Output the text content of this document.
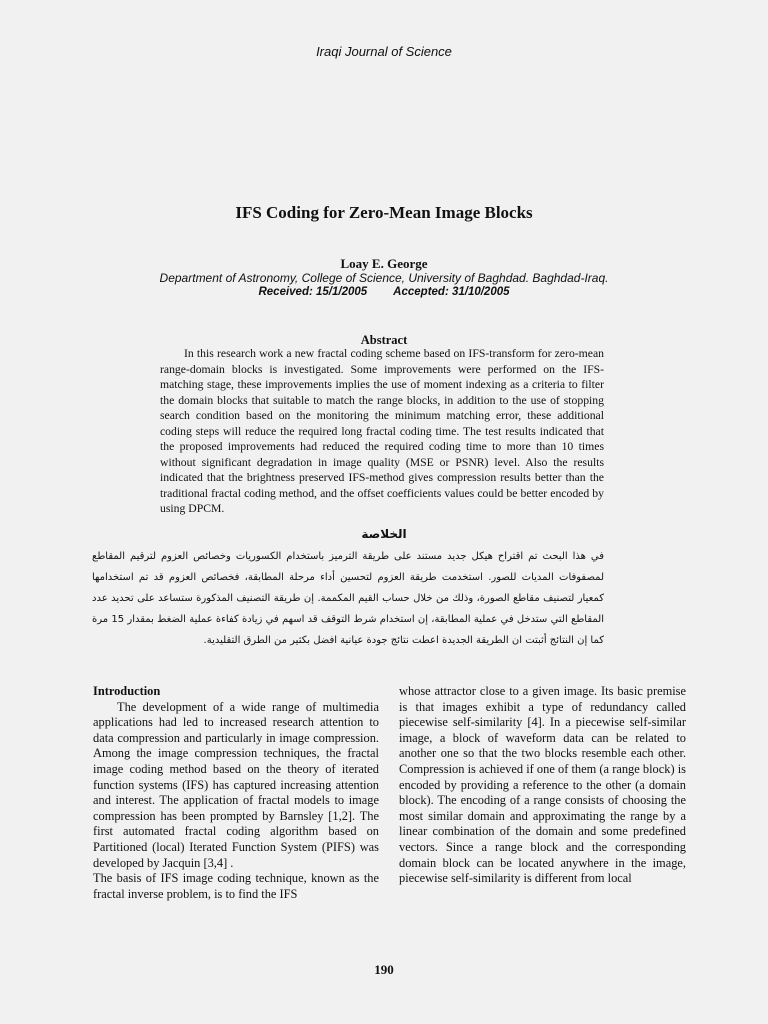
Iraqi Journal of Science
IFS Coding for Zero-Mean Image Blocks
Loay E. George
Department of Astronomy, College of Science, University of Baghdad. Baghdad-Iraq.
Received: 15/1/2005 Accepted: 31/10/2005
Abstract

In this research work a new fractal coding scheme based on IFS-transform for zero-mean range-domain blocks is investigated. Some improvements were performed on the IFS-matching stage, these improvements implies the use of moment indexing as a criteria to filter the domain blocks that suitable to match the range blocks, in addition to the use of stopping search condition based on the monitoring the minimum matching error, these additional coding steps will reduce the required long fractal coding time. The test results indicated that the proposed improvements had reduced the required coding time to more than 10 times without significant degradation in image quality (MSE or PSNR) level. Also the results indicated that the brightness preserved IFS-method gives compression results better than the traditional fractal coding method, and the offset coefficients values could be better encoded by using DPCM.

الخلاصة

في هذا البحث تم اقتراح هيكل جديد مستند على طريقة الترميز باستخدام الكسوريات وخصائص العزوم لترقيم المقاطع لمصفوفات المديات للصور. استخدمت طريقة العزوم لتحسين أداء مرحلة المطابقة، فخصائص العزوم قد تم استخدامها كمعيار لتصنيف مقاطع الصورة، وذلك من خلال حساب القيم المكممة. إن طريقة التصنيف المذكورة ستساعد على تحديد عدد المقاطع التي ستدخل في عملية المطابقة، إن استخدام شرط التوقف قد اسهم في زيادة كفاءة عملية الضغط بمقدار 15 مرة كما إن النتائج أثبتت ان الطريقة الجديدة اعطت نتائج جودة عيانية افضل بكثير من الطرق التقليدية.

Introduction

The development of a wide range of multimedia applications had led to increased research attention to data compression and particularly in image compression. Among the image compression techniques, the fractal image coding method based on the theory of iterated function systems (IFS) has captured increasing attention and interest. The application of fractal models to image compression has been prompted by Barnsley [1,2]. The first automated fractal coding algorithm based on Partitioned (local) Iterated Function System (PIFS) was developed by Jacquin [3,4] .

The basis of IFS image coding technique, known as the fractal inverse problem, is to find the IFS

whose attractor close to a given image. Its basic premise is that images exhibit a type of redundancy called piecewise self-similarity [4]. In a piecewise self-similar image, a block of waveform data can be related to another one so that the two blocks resemble each other. Compression is achieved if one of them (a range block) is encoded by providing a reference to the other (a domain block). The encoding of a range consists of choosing the most similar domain and approximating the range by a linear combination of the domain and some predefined vectors. Since a range block and the corresponding domain block can be located anywhere in the image, piecewise self-similarity is different from local

190
